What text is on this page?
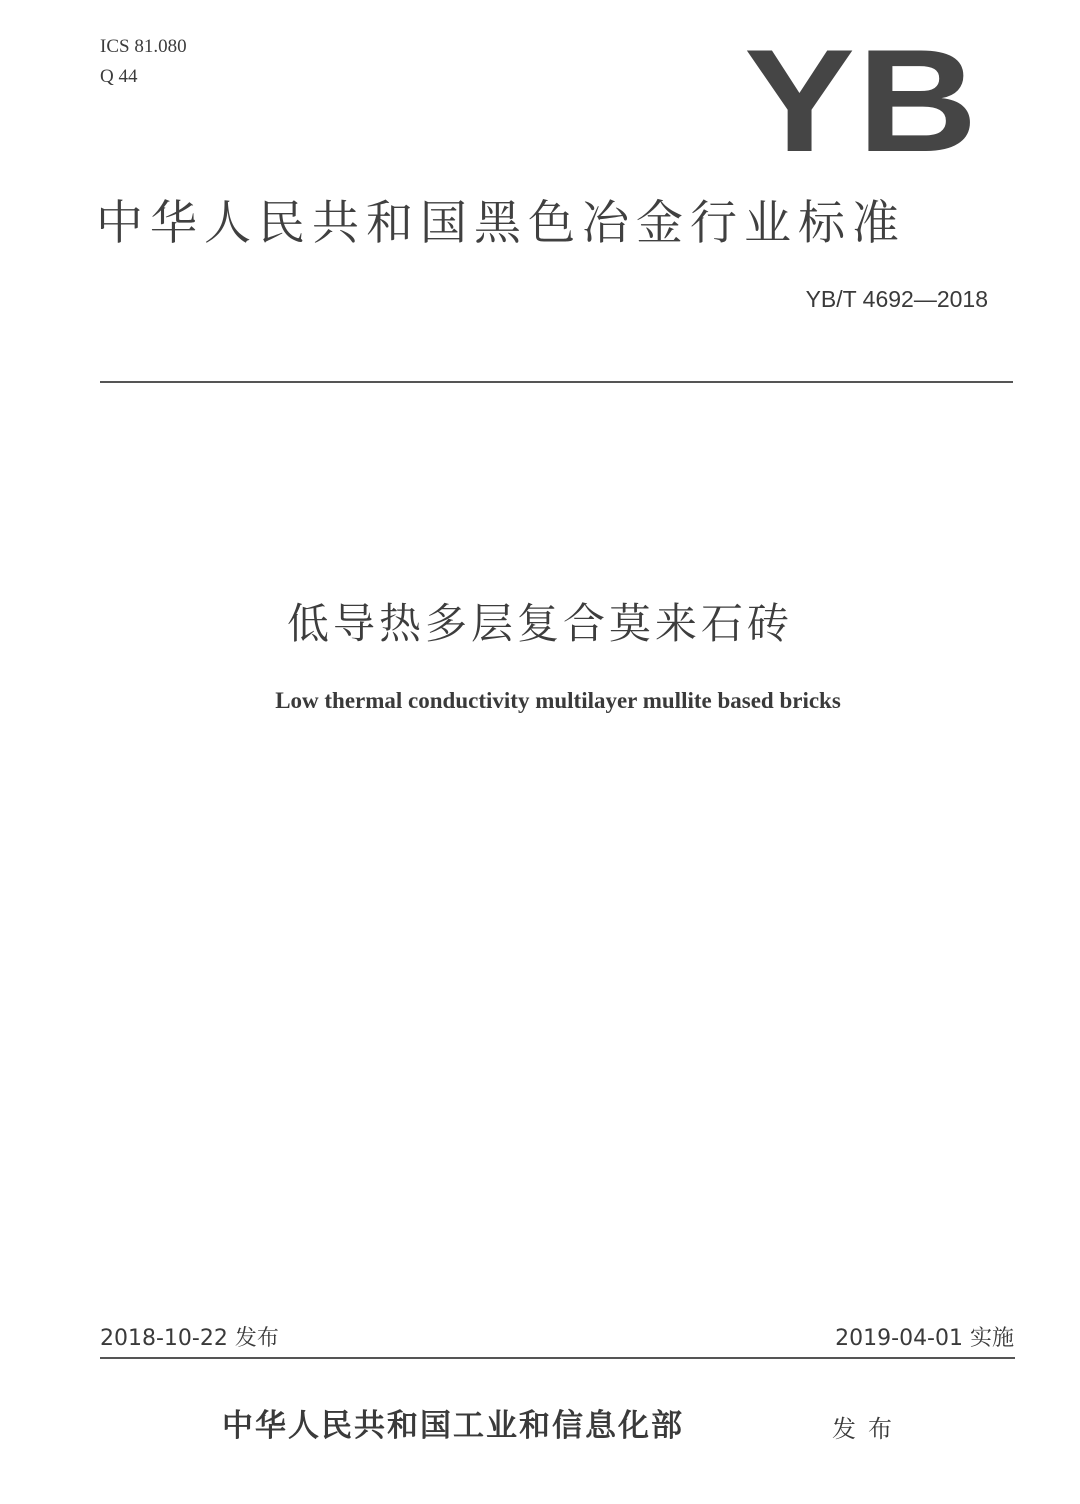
ICS 81.080
Q 44	YB
中华人民共和国黑色冶金行业标准
YB/T 4692—2018
低导热多层复合莫来石砖
Low thermal conductivity multilayer mullite based bricks
2018-10-22 发布	2019-04-01 实施
中华人民共和国工业和信息化部	发布
